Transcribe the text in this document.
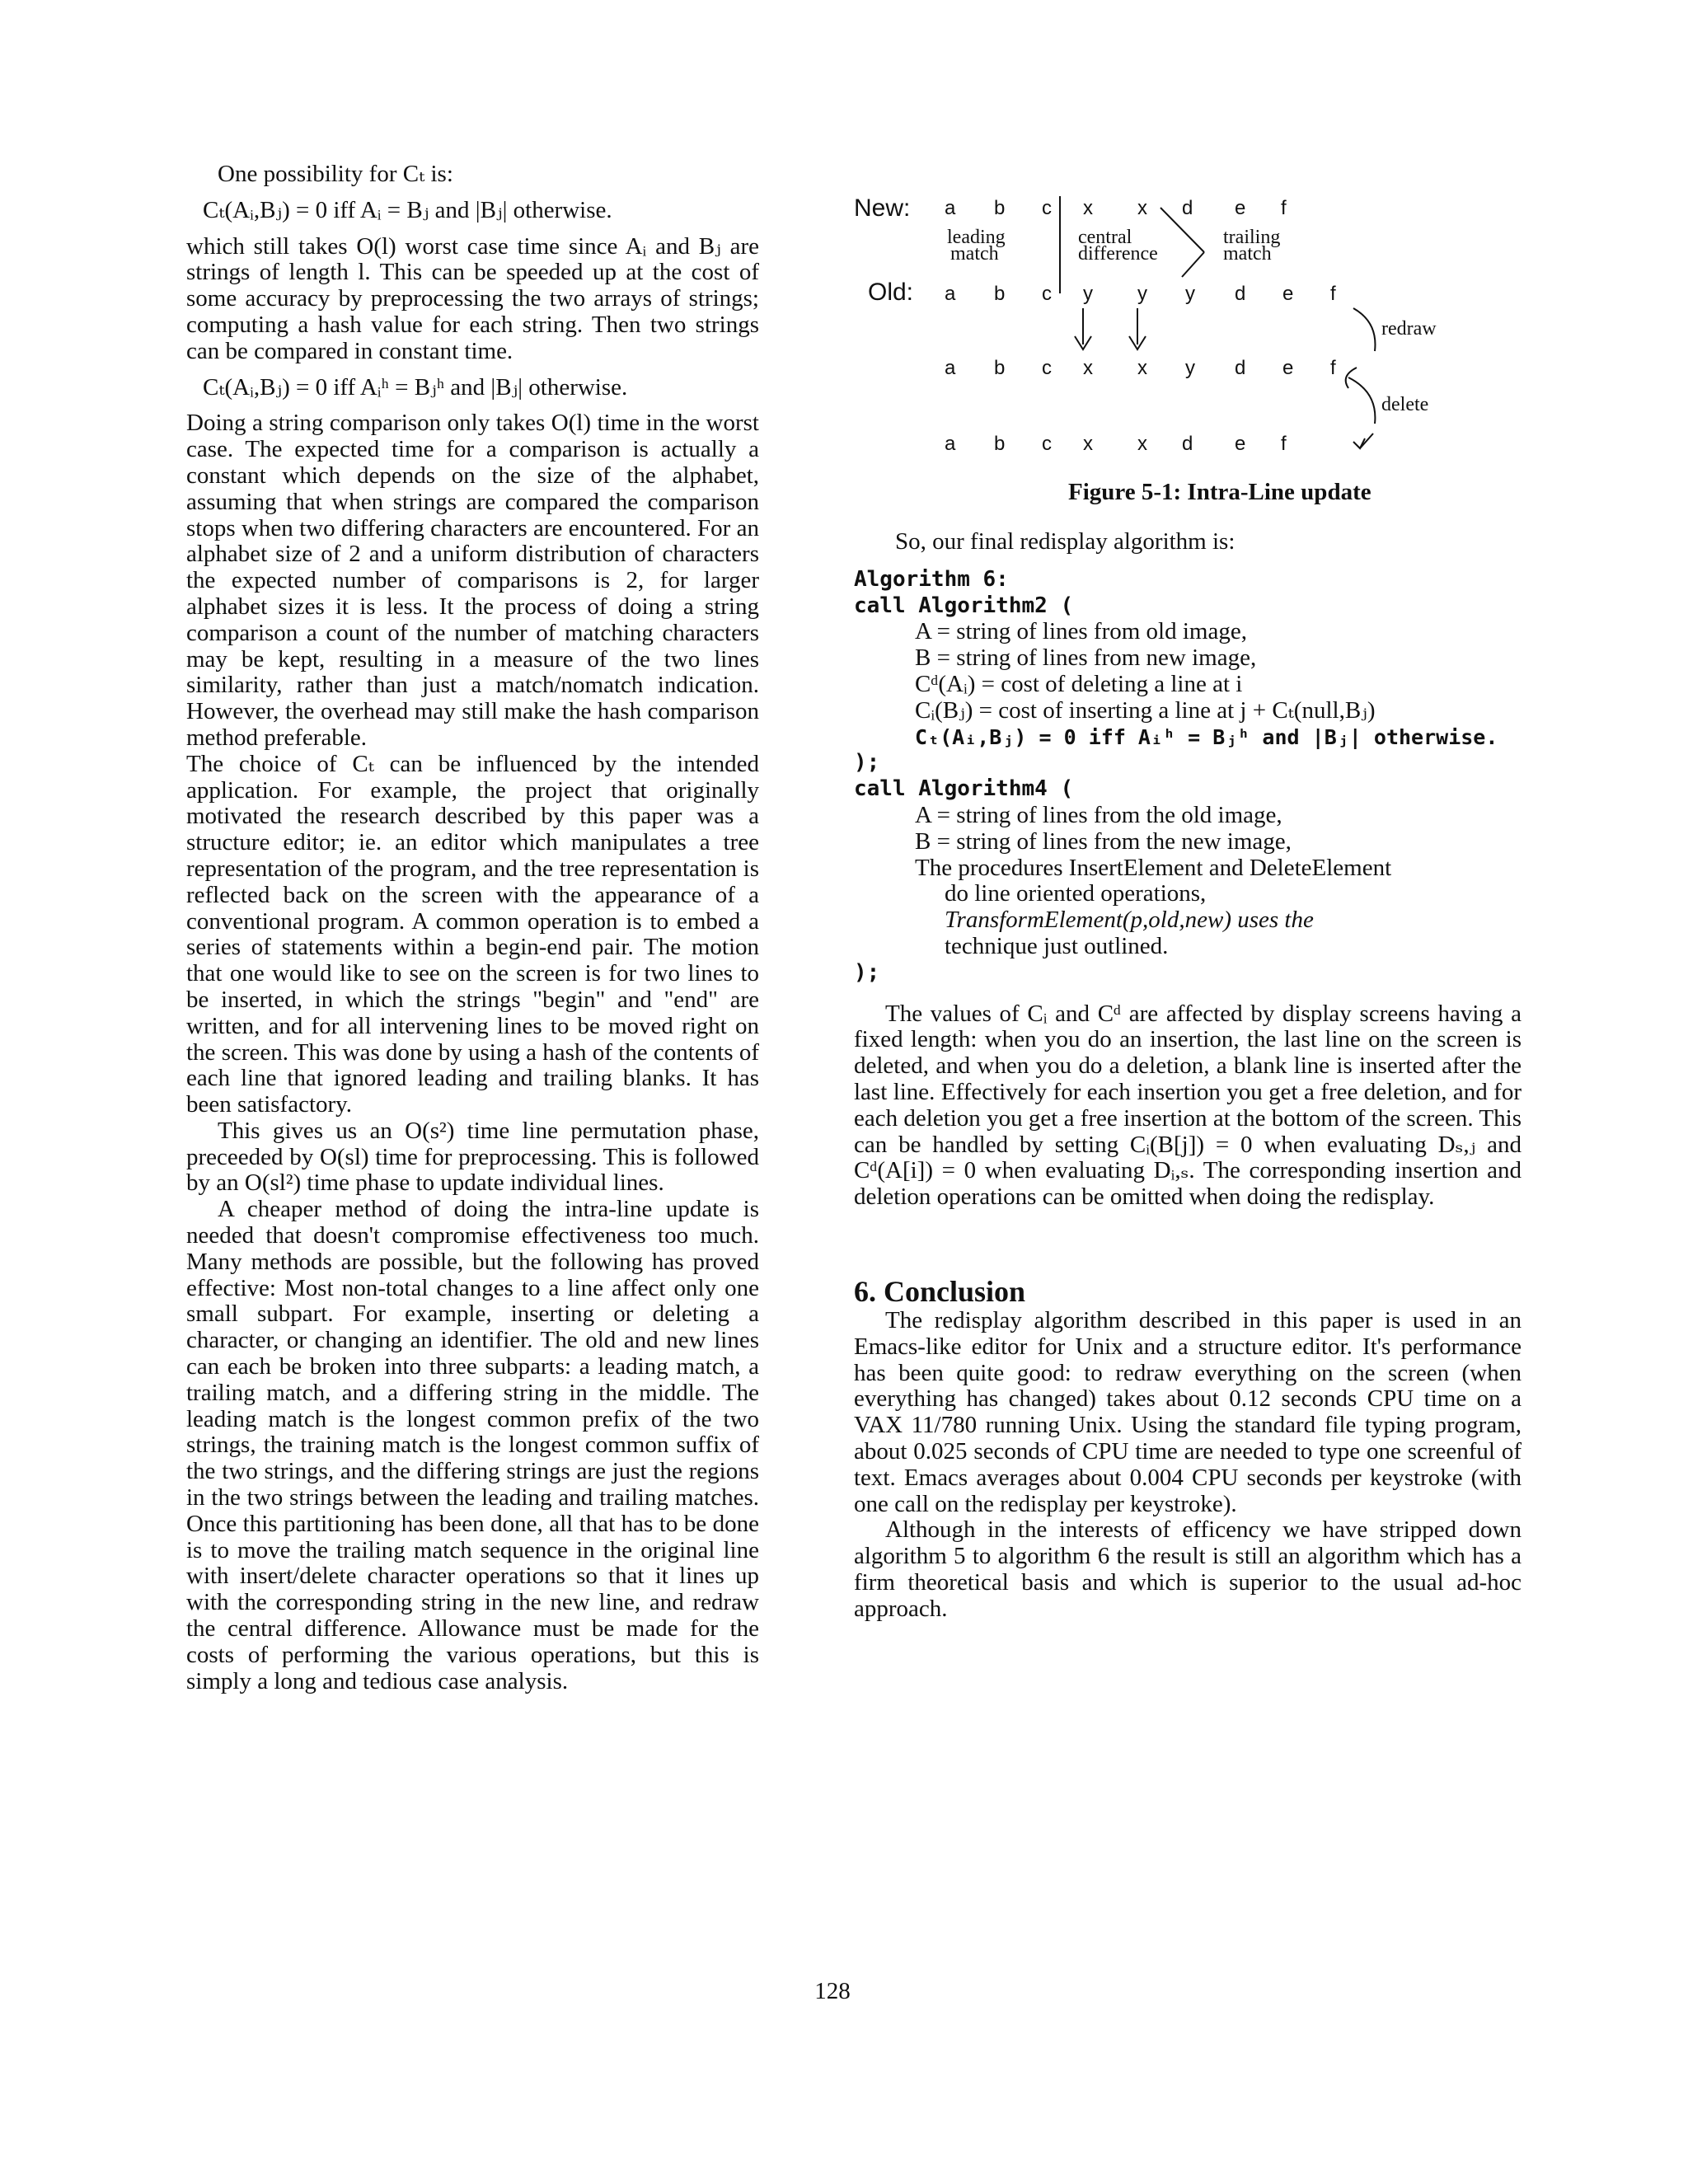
One possibility for Cₜ is:

Cₜ(Aᵢ,Bⱼ) = 0 iff Aᵢ = Bⱼ and |Bⱼ| otherwise.

which still takes O(l) worst case time since Aᵢ and Bⱼ are strings of length l. This can be speeded up at the cost of some accuracy by preprocessing the two arrays of strings; computing a hash value for each string. Then two strings can be compared in constant time.

Cₜ(Aᵢ,Bⱼ) = 0 iff Aᵢʰ = Bⱼʰ and |Bⱼ| otherwise.

Doing a string comparison only takes O(l) time in the worst case. The expected time for a comparison is actually a constant which depends on the size of the alphabet, assuming that when strings are compared the comparison stops when two differing characters are encountered. For an alphabet size of 2 and a uniform distribution of characters the expected number of comparisons is 2, for larger alphabet sizes it is less. It the process of doing a string comparison a count of the number of matching characters may be kept, resulting in a measure of the two lines similarity, rather than just a match/nomatch indication. However, the overhead may still make the hash comparison method preferable.

The choice of Cₜ can be influenced by the intended application. For example, the project that originally motivated the research described by this paper was a structure editor; ie. an editor which manipulates a tree representation of the program, and the tree representation is reflected back on the screen with the appearance of a conventional program. A common operation is to embed a series of statements within a begin-end pair. The motion that one would like to see on the screen is for two lines to be inserted, in which the strings "begin" and "end" are written, and for all intervening lines to be moved right on the screen. This was done by using a hash of the contents of each line that ignored leading and trailing blanks. It has been satisfactory.

This gives us an O(s²) time line permutation phase, preceeded by O(sl) time for preprocessing. This is followed by an O(sl²) time phase to update individual lines.

A cheaper method of doing the intra-line update is needed that doesn't compromise effectiveness too much. Many methods are possible, but the following has proved effective: Most non-total changes to a line affect only one small subpart. For example, inserting or deleting a character, or changing an identifier. The old and new lines can each be broken into three subparts: a leading match, a trailing match, and a differing string in the middle. The leading match is the longest common prefix of the two strings, the training match is the longest common suffix of the two strings, and the differing strings are just the regions in the two strings between the leading and trailing matches. Once this partitioning has been done, all that has to be done is to move the trailing match sequence in the original line with insert/delete character operations so that it lines up with the corresponding string in the new line, and redraw the central difference. Allowance must be made for the costs of performing the various operations, but this is simply a long and tedious case analysis.

New:
Old:
a b c x x d e f
a b c y y y d e f
a b c x x y d e f
a b c x x d e f
leading
match
central
difference
trailing
match
redraw
delete
Figure 5-1: Intra-Line update

So, our final redisplay algorithm is:

Algorithm 6:

call Algorithm2 (

A = string of lines from old image,

B = string of lines from new image,

Cᵈ(Aᵢ) = cost of deleting a line at i

Cᵢ(Bⱼ) = cost of inserting a line at j + Cₜ(null,Bⱼ)

Cₜ(Aᵢ,Bⱼ) = 0 iff Aᵢʰ = Bⱼʰ and |Bⱼ| otherwise.

);

call Algorithm4 (

A = string of lines from the old image,

B = string of lines from the new image,

The procedures InsertElement and DeleteElement

do line oriented operations,

TransformElement(p,old,new) uses the

technique just outlined.

);

The values of Cᵢ and Cᵈ are affected by display screens having a fixed length: when you do an insertion, the last line on the screen is deleted, and when you do a deletion, a blank line is inserted after the last line. Effectively for each insertion you get a free deletion, and for each deletion you get a free insertion at the bottom of the screen. This can be handled by setting Cᵢ(B[j]) = 0 when evaluating Dₛ,ⱼ and Cᵈ(A[i]) = 0 when evaluating Dᵢ,ₛ. The corresponding insertion and deletion operations can be omitted when doing the redisplay.

6. Conclusion

The redisplay algorithm described in this paper is used in an Emacs-like editor for Unix and a structure editor. It's performance has been quite good: to redraw everything on the screen (when everything has changed) takes about 0.12 seconds CPU time on a VAX 11/780 running Unix. Using the standard file typing program, about 0.025 seconds of CPU time are needed to type one screenful of text. Emacs averages about 0.004 CPU seconds per keystroke (with one call on the redisplay per keystroke).

Although in the interests of efficency we have stripped down algorithm 5 to algorithm 6 the result is still an algorithm which has a firm theoretical basis and which is superior to the usual ad-hoc approach.

128
